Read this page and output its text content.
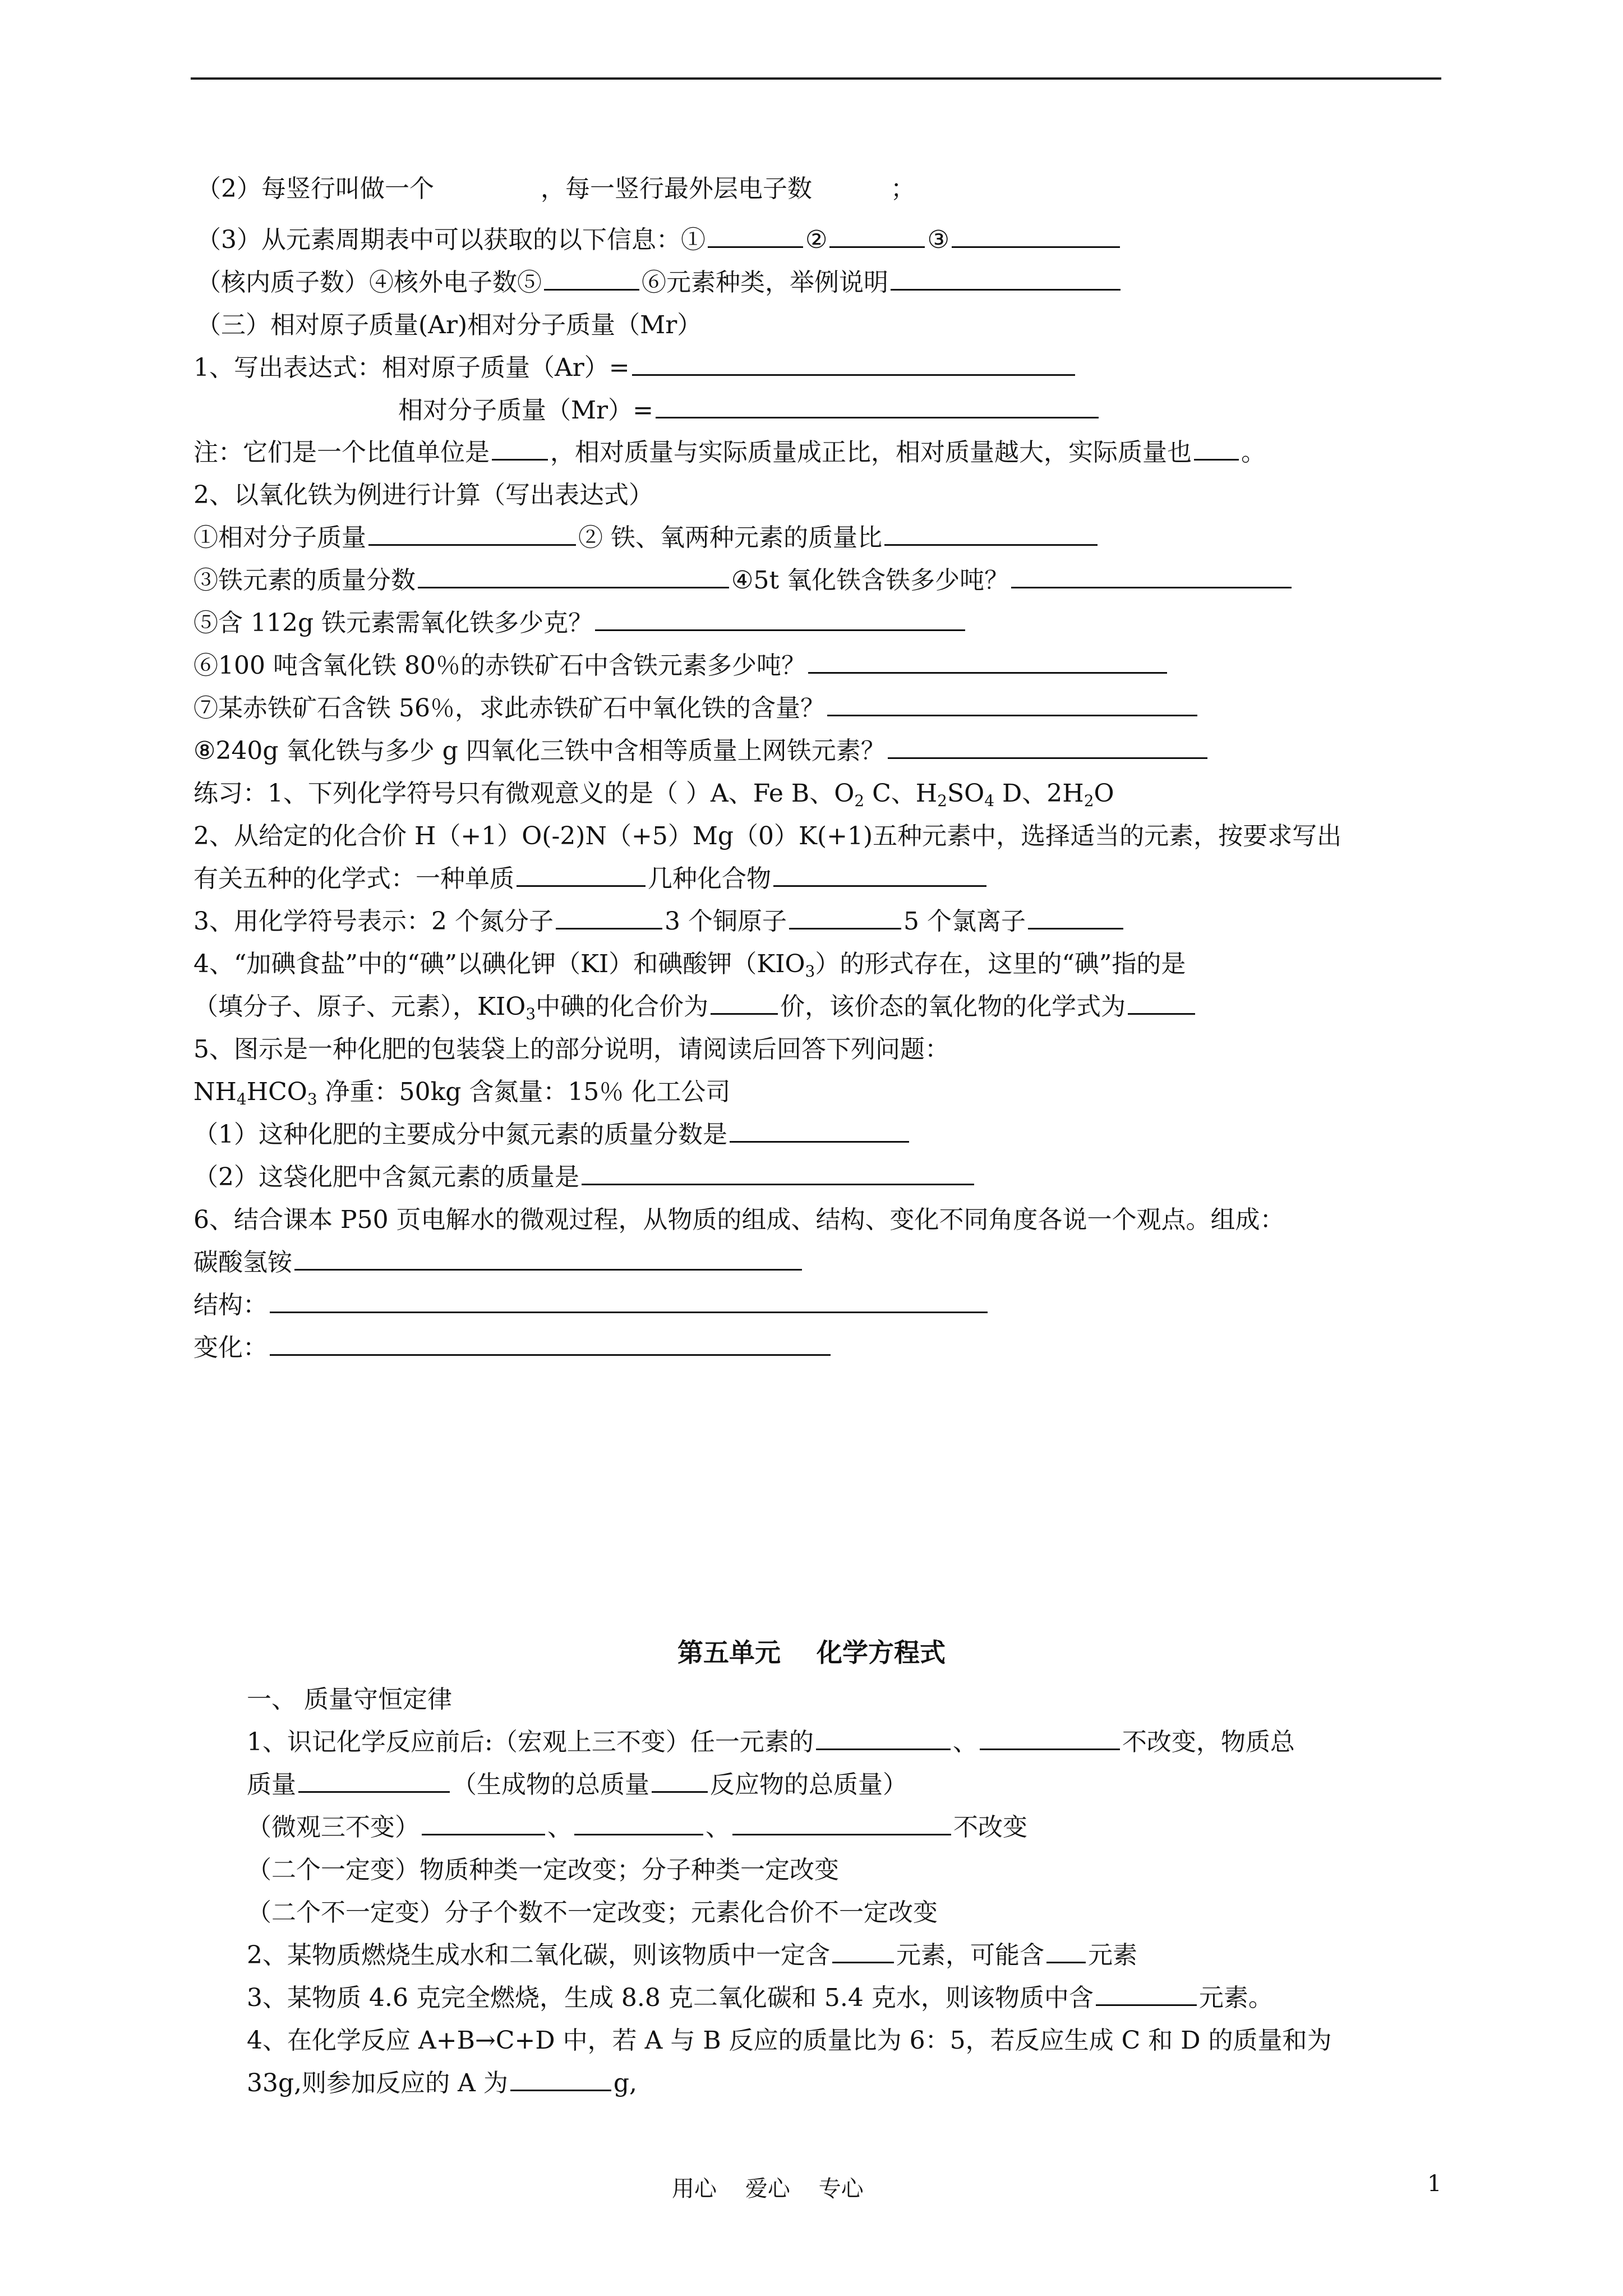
（2）每竖行叫做一个	，每一竖行最外层电子数	；
（3）从元素周期表中可以获取的以下信息：①	②	③
（核内质子数）④核外电子数⑤	⑥元素种类，举例说明
（三）相对原子质量(Ar)相对分子质量（Mr）
1、写出表达式：相对原子质量（Ar）=
相对分子质量（Mr）=
注：它们是一个比值单位是 ，相对质量与实际质量成正比，相对质量越大，实际质量也 。
2、以氧化铁为例进行计算（写出表达式）
①相对分子质量	② 铁、氧两种元素的质量比
③铁元素的质量分数	④5t 氧化铁含铁多少吨？
⑤含 112g 铁元素需氧化铁多少克？
⑥100 吨含氧化铁 80％的赤铁矿石中含铁元素多少吨？
⑦某赤铁矿石含铁 56％，求此赤铁矿石中氧化铁的含量？
⑧240g 氧化铁与多少 g 四氧化三铁中含相等质量上网铁元素？
练习：1、下列化学符号只有微观意义的是（ ）A、Fe B、$O_2$ C、$H_2SO_4$ D、$2H_2O$
2、从给定的化合价 H（+1）O(-2)N（+5）Mg（0）K(+1)五种元素中，选择适当的元素，按要求写出
有关五种的化学式：一种单质	几种化合物
3、用化学符号表示：2 个氮分子	3 个铜原子	5 个氯离子
4、“加碘食盐”中的“碘”以碘化钾（KI）和碘酸钾$(KIO_3)$的形式存在，这里的“碘”指的是
（填分子、原子、元素），$KIO_3$中碘的化合价为	价，该价态的氧化物的化学式为
5、图示是一种化肥的包装袋上的部分说明，请阅读后回答下列问题：
$NH_4HCO_3$ 净重：50kg 含氮量：15％ 化工公司
（1）这种化肥的主要成分中氮元素的质量分数是
（2）这袋化肥中含氮元素的质量是
6、结合课本 P50 页电解水的微观过程，从物质的组成、结构、变化不同角度各说一个观点。组成：
碳酸氢铵
结构：
变化：
第五单元    化学方程式
一、 质量守恒定律
1、识记化学反应前后:（宏观上三不变）任一元素的	、	不改变，物质总
质量	（生成物的总质量 反应物的总质量）
（微观三不变）	、	、	不改变
（二个一定变）物质种类一定改变；分子种类一定改变
（二个不一定变）分子个数不一定改变；元素化合价不一定改变
2、某物质燃烧生成水和二氧化碳，则该物质中一定含	元素，可能含 元素
3、某物质 4.6 克完全燃烧，生成 8.8 克二氧化碳和 5.4 克水，则该物质中含	元素。
4、在化学反应 A+B→C+D 中，若 A 与 B 反应的质量比为 6：5，若反应生成 C 和 D 的质量和为
33g,则参加反应的 A 为	g,
用心    爱心    专心	1
